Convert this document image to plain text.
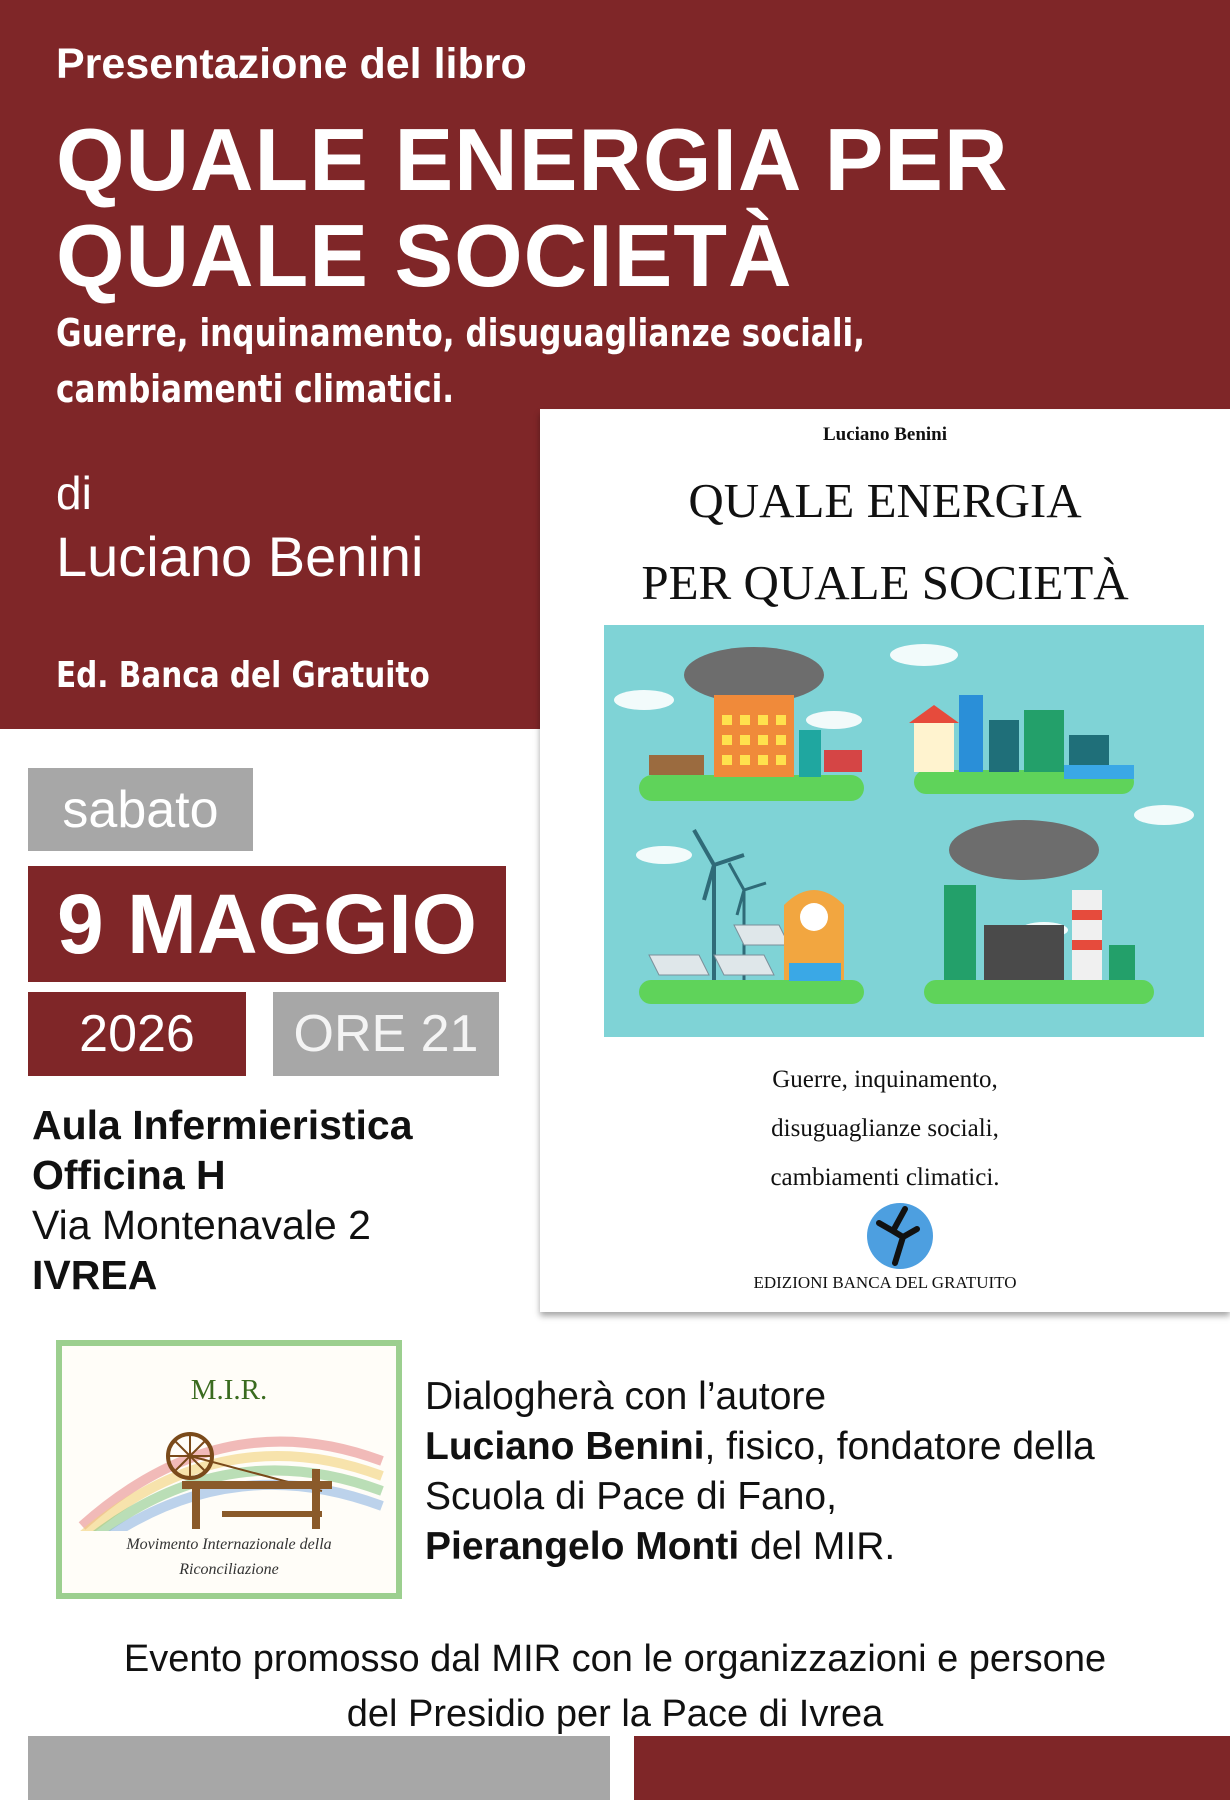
Presentazione del libro
QUALE ENERGIA PER
QUALE SOCIETÀ
Guerre, inquinamento, disuguaglianze sociali,
cambiamenti climatici.
di
Luciano Benini
Ed. Banca del Gratuito
sabato
9 MAGGIO
2026	ORE 21
Aula Infermieristica
Officina H
Via Montenavale 2
IVREA
Luciano Benini
QUALE ENERGIA
PER QUALE SOCIETÀ
Guerre, inquinamento,
disuguaglianze sociali,
cambiamenti climatici.
EDIZIONI BANCA DEL GRATUITO
M.I.R.
Movimento Internazionale della
Riconciliazione
Dialogherà con l’autore
Luciano Benini, fisico, fondatore della
Scuola di Pace di Fano,
Pierangelo Monti del MIR.
Evento promosso dal MIR con le organizzazioni e persone
del Presidio per la Pace di Ivrea
